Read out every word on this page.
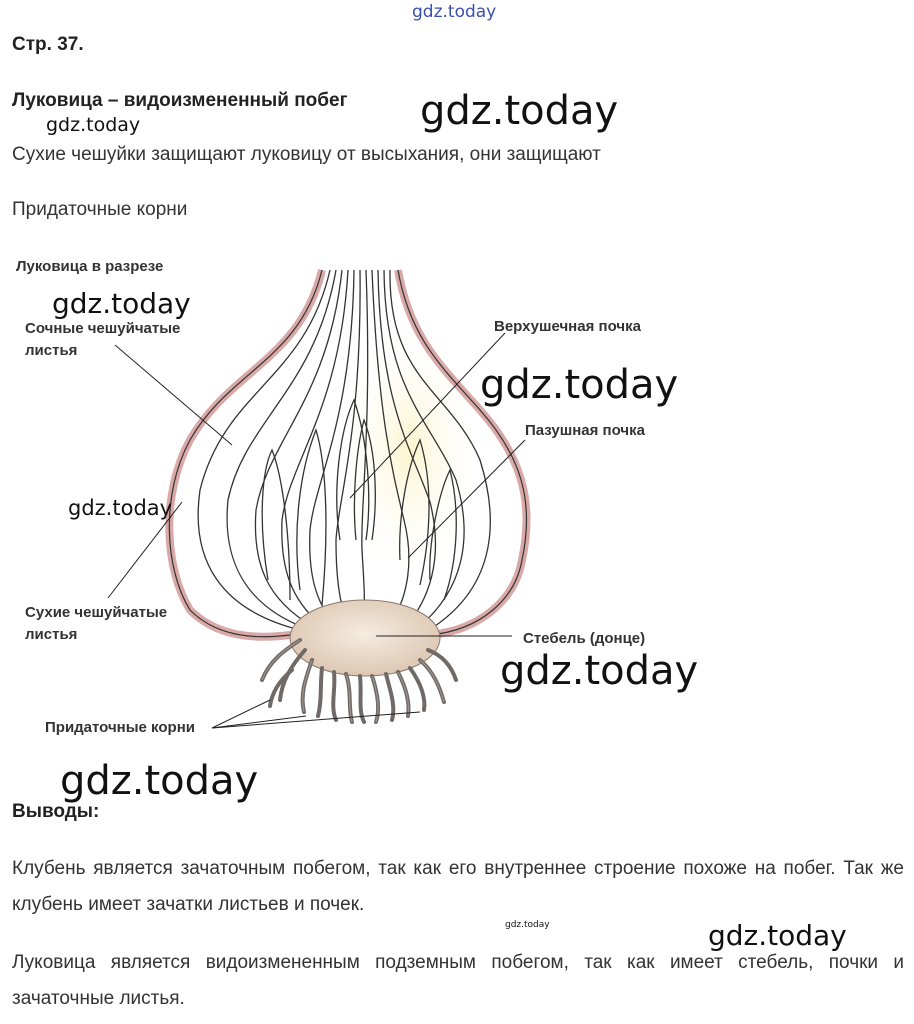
gdz.today
gdz.today
gdz.today
Стр. 37.
Луковица – видоизмененный побег
Сухие чешуйки защищают луковицу от высыхания, они защищают
Придаточные корни
Луковица в разрезе
Сочные чешуйчатые листья
Верхушечная почка
Пазушная почка
Сухие чешуйчатые листья	Стебель (донце)
Придаточные корни
gdz.today
gdz.today
gdz.today
gdz.today
gdz.today
Выводы:
Клубень является зачаточным побегом, так как его внутреннее строение похоже на побег. Так же клубень имеет зачатки листьев и почек.
gdz.today	gdz.today
Луковица является видоизмененным подземным побегом, так как имеет стебель, почки и зачаточные листья.
